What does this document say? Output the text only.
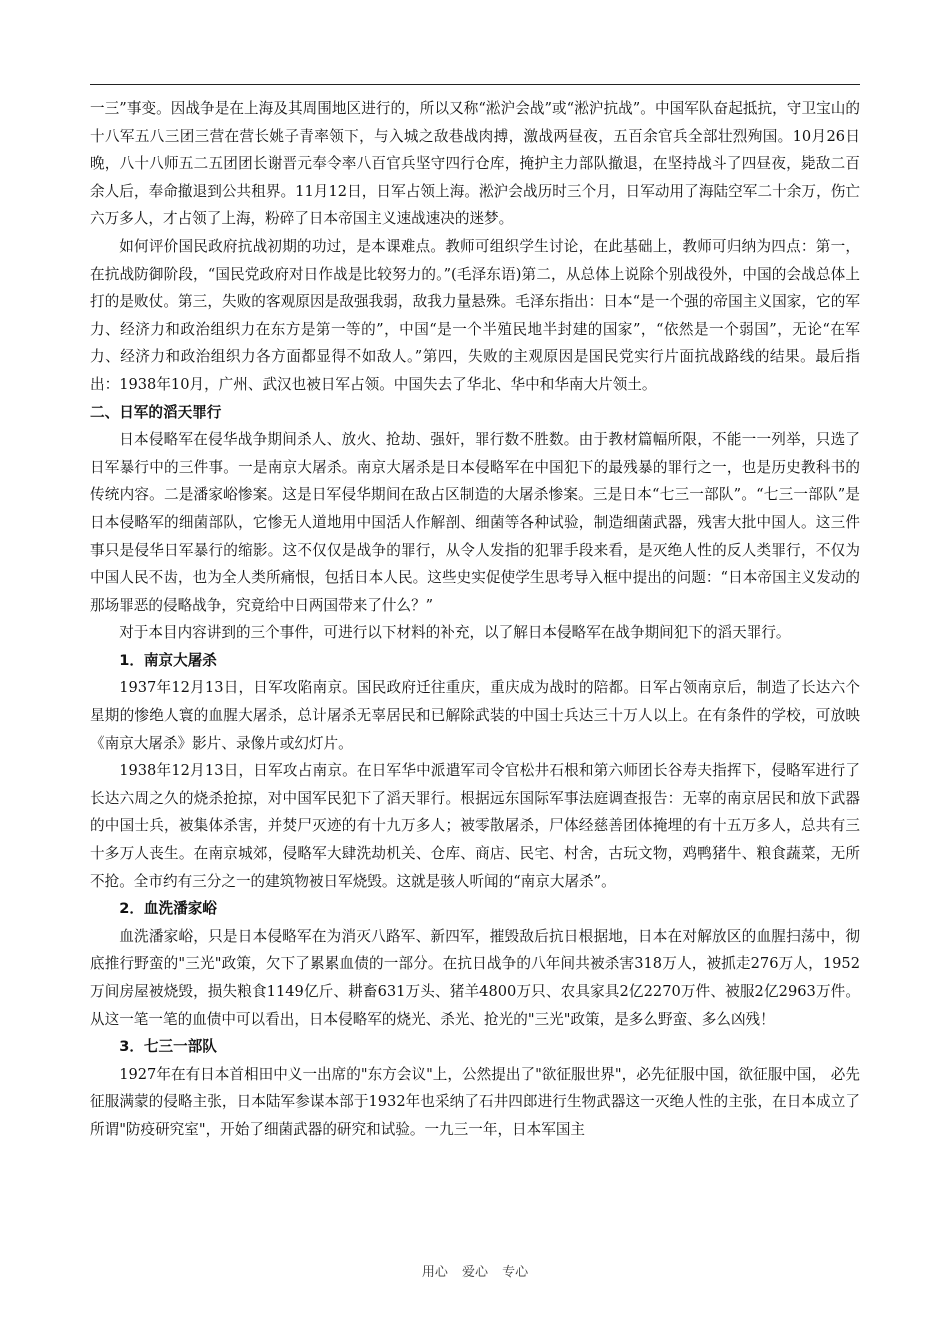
一三”事变。因战争是在上海及其周围地区进行的，所以又称“淞沪会战”或“淞沪抗战”。中国军队奋起抵抗，守卫宝山的十八军五八三团三营在营长姚子青率领下，与入城之敌巷战肉搏，激战两昼夜，五百余官兵全部壮烈殉国。10月26日晚，八十八师五二五团团长谢晋元奉令率八百官兵坚守四行仓库，掩护主力部队撤退，在坚持战斗了四昼夜，毙敌二百余人后，奉命撤退到公共租界。11月12日，日军占领上海。淞沪会战历时三个月，日军动用了海陆空军二十余万，伤亡六万多人，才占领了上海，粉碎了日本帝国主义速战速决的迷梦。

如何评价国民政府抗战初期的功过，是本课难点。教师可组织学生讨论，在此基础上，教师可归纳为四点：第一，在抗战防御阶段，“国民党政府对日作战是比较努力的。”(毛泽东语)第二，从总体上说除个别战役外，中国的会战总体上打的是败仗。第三，失败的客观原因是敌强我弱，敌我力量悬殊。毛泽东指出：日本“是一个强的帝国主义国家，它的军力、经济力和政治组织力在东方是第一等的”，中国“是一个半殖民地半封建的国家”，“依然是一个弱国”，无论“在军力、经济力和政治组织力各方面都显得不如敌人。”第四，失败的主观原因是国民党实行片面抗战路线的结果。最后指出：1938年10月，广州、武汉也被日军占领。中国失去了华北、华中和华南大片领土。

二、日军的滔天罪行

日本侵略军在侵华战争期间杀人、放火、抢劫、强奸，罪行数不胜数。由于教材篇幅所限，不能一一列举，只选了日军暴行中的三件事。一是南京大屠杀。南京大屠杀是日本侵略军在中国犯下的最残暴的罪行之一，也是历史教科书的传统内容。二是潘家峪惨案。这是日军侵华期间在敌占区制造的大屠杀惨案。三是日本“七三一部队”。“七三一部队”是日本侵略军的细菌部队，它惨无人道地用中国活人作解剖、细菌等各种试验，制造细菌武器，残害大批中国人。这三件事只是侵华日军暴行的缩影。这不仅仅是战争的罪行，从令人发指的犯罪手段来看，是灭绝人性的反人类罪行，不仅为中国人民不齿，也为全人类所痛恨，包括日本人民。这些史实促使学生思考导入框中提出的问题：“日本帝国主义发动的那场罪恶的侵略战争，究竟给中日两国带来了什么？”

对于本目内容讲到的三个事件，可进行以下材料的补充，以了解日本侵略军在战争期间犯下的滔天罪行。

1．南京大屠杀

1937年12月13日，日军攻陷南京。国民政府迁往重庆，重庆成为战时的陪都。日军占领南京后，制造了长达六个星期的惨绝人寰的血腥大屠杀，总计屠杀无辜居民和已解除武装的中国士兵达三十万人以上。在有条件的学校，可放映《南京大屠杀》影片、录像片或幻灯片。

1938年12月13日，日军攻占南京。在日军华中派遣军司令官松井石根和第六师团长谷寿夫指挥下，侵略军进行了长达六周之久的烧杀抢掠，对中国军民犯下了滔天罪行。根据远东国际军事法庭调查报告：无辜的南京居民和放下武器的中国士兵，被集体杀害，并焚尸灭迹的有十九万多人；被零散屠杀，尸体经慈善团体掩埋的有十五万多人，总共有三十多万人丧生。在南京城郊，侵略军大肆洗劫机关、仓库、商店、民宅、村舍，古玩文物，鸡鸭猪牛、粮食蔬菜，无所不抢。全市约有三分之一的建筑物被日军烧毁。这就是骇人听闻的“南京大屠杀”。

2．血洗潘家峪

血洗潘家峪，只是日本侵略军在为消灭八路军、新四军，摧毁敌后抗日根据地，日本在对解放区的血腥扫荡中，彻底推行野蛮的"三光"政策，欠下了累累血债的一部分。在抗日战争的八年间共被杀害318万人，被抓走276万人，1952万间房屋被烧毁，损失粮食1149亿斤、耕畜631万头、猪羊4800万只、农具家具2亿2270万件、被服2亿2963万件。从这一笔一笔的血债中可以看出，日本侵略军的烧光、杀光、抢光的"三光"政策，是多么野蛮、多么凶残！

3．七三一部队

1927年在有日本首相田中义一出席的"东方会议"上，公然提出了"欲征服世界"，必先征服中国，欲征服中国， 必先征服满蒙的侵略主张，日本陆军参谋本部于1932年也采纳了石井四郎进行生物武器这一灭绝人性的主张，在日本成立了所谓"防疫研究室"，开始了细菌武器的研究和试验。一九三一年，日本军国主

用心 爱心 专心
